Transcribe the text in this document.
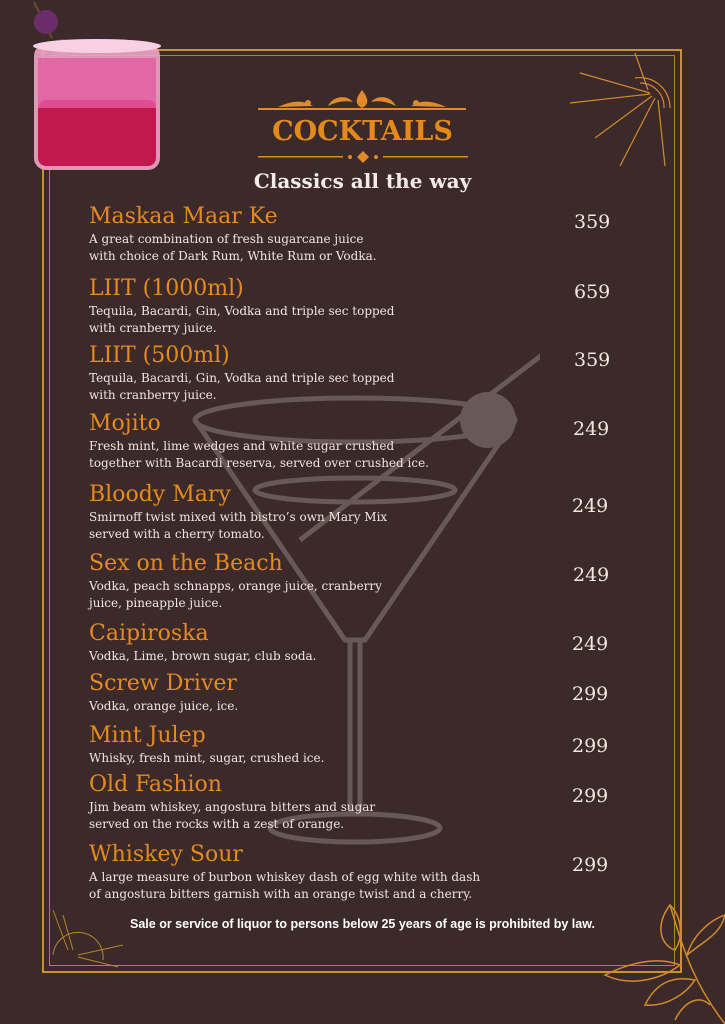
COCKTAILS
Classics all the way
Maskaa Maar Ke
A great combination of fresh sugarcane juice
with choice of Dark Rum, White Rum or Vodka.
359
LIIT (1000ml)
Tequila, Bacardi, Gin, Vodka and triple sec topped
with cranberry juice.
659
LIIT (500ml)
Tequila, Bacardi, Gin, Vodka and triple sec topped
with cranberry juice.
359
Mojito
Fresh mint, lime wedges and white sugar crushed
together with Bacardi reserva, served over crushed ice.
249
Bloody Mary
Smirnoff twist mixed with bistro’s own Mary Mix
served with a cherry tomato.
249
Sex on the Beach
Vodka, peach schnapps, orange juice, cranberry
juice, pineapple juice.
249
Caipiroska
Vodka, Lime, brown sugar, club soda.
249
Screw Driver
Vodka, orange juice, ice.
299
Mint Julep
Whisky, fresh mint, sugar, crushed ice.
299
Old Fashion
Jim beam whiskey, angostura bitters and sugar
served on the rocks with a zest of orange.
299
Whiskey Sour
A large measure of burbon whiskey dash of egg white with dash
of angostura bitters garnish with an orange twist and a cherry.
299
Sale or service of liquor to persons below 25 years of age is prohibited by law.
